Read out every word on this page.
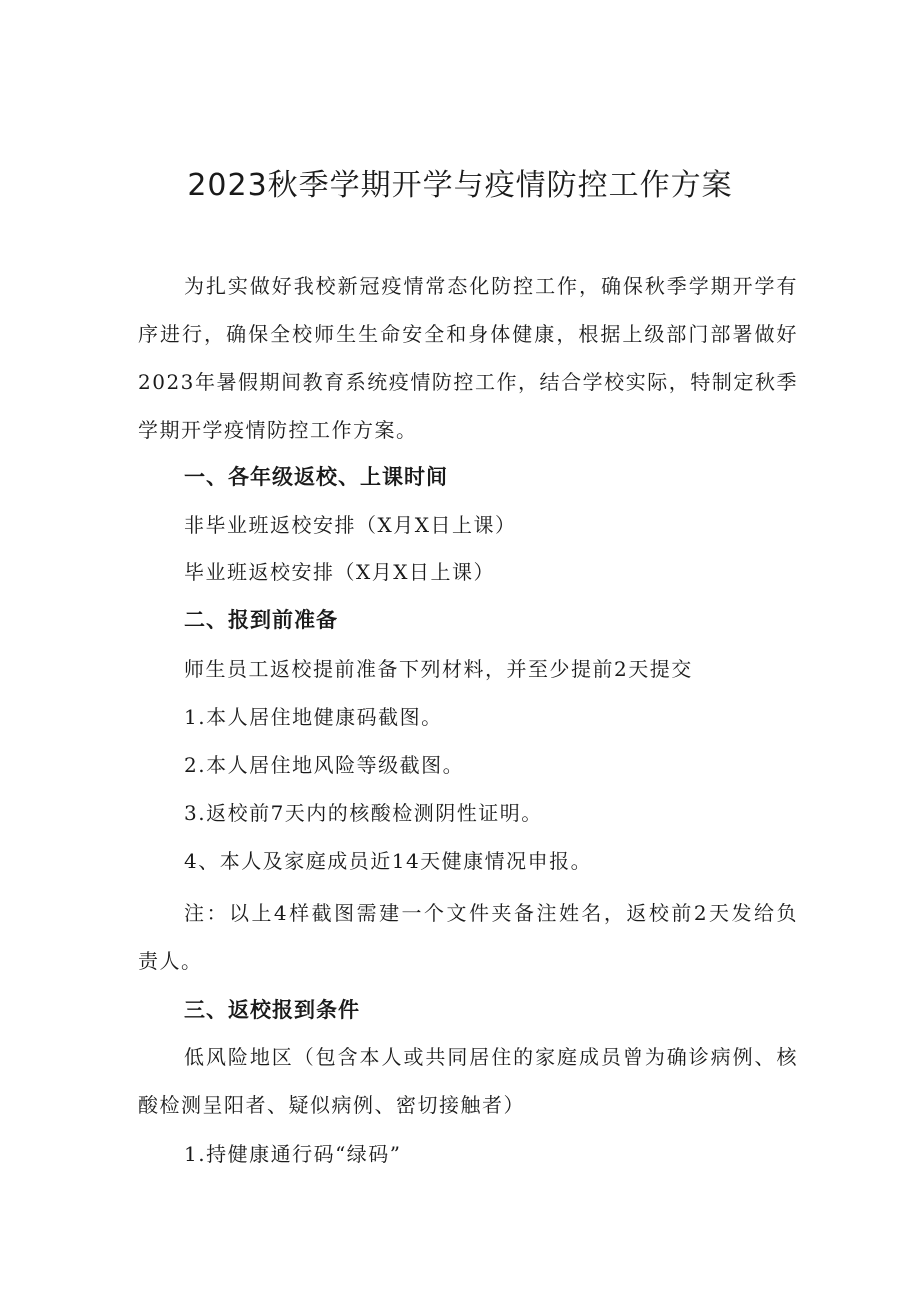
2023秋季学期开学与疫情防控工作方案
为扎实做好我校新冠疫情常态化防控工作，确保秋季学期开学有
序进行，确保全校师生生命安全和身体健康，根据上级部门部署做好
2023年暑假期间教育系统疫情防控工作，结合学校实际，特制定秋季
学期开学疫情防控工作方案。
一、各年级返校、上课时间
非毕业班返校安排（X月X日上课）
毕业班返校安排（X月X日上课）
二、报到前准备
师生员工返校提前准备下列材料，并至少提前2天提交
1.本人居住地健康码截图。
2.本人居住地风险等级截图。
3.返校前7天内的核酸检测阴性证明。
4、本人及家庭成员近14天健康情况申报。
注：以上4样截图需建一个文件夹备注姓名，返校前2天发给负
责人。
三、返校报到条件
低风险地区（包含本人或共同居住的家庭成员曾为确诊病例、核
酸检测呈阳者、疑似病例、密切接触者）
1.持健康通行码“绿码”
